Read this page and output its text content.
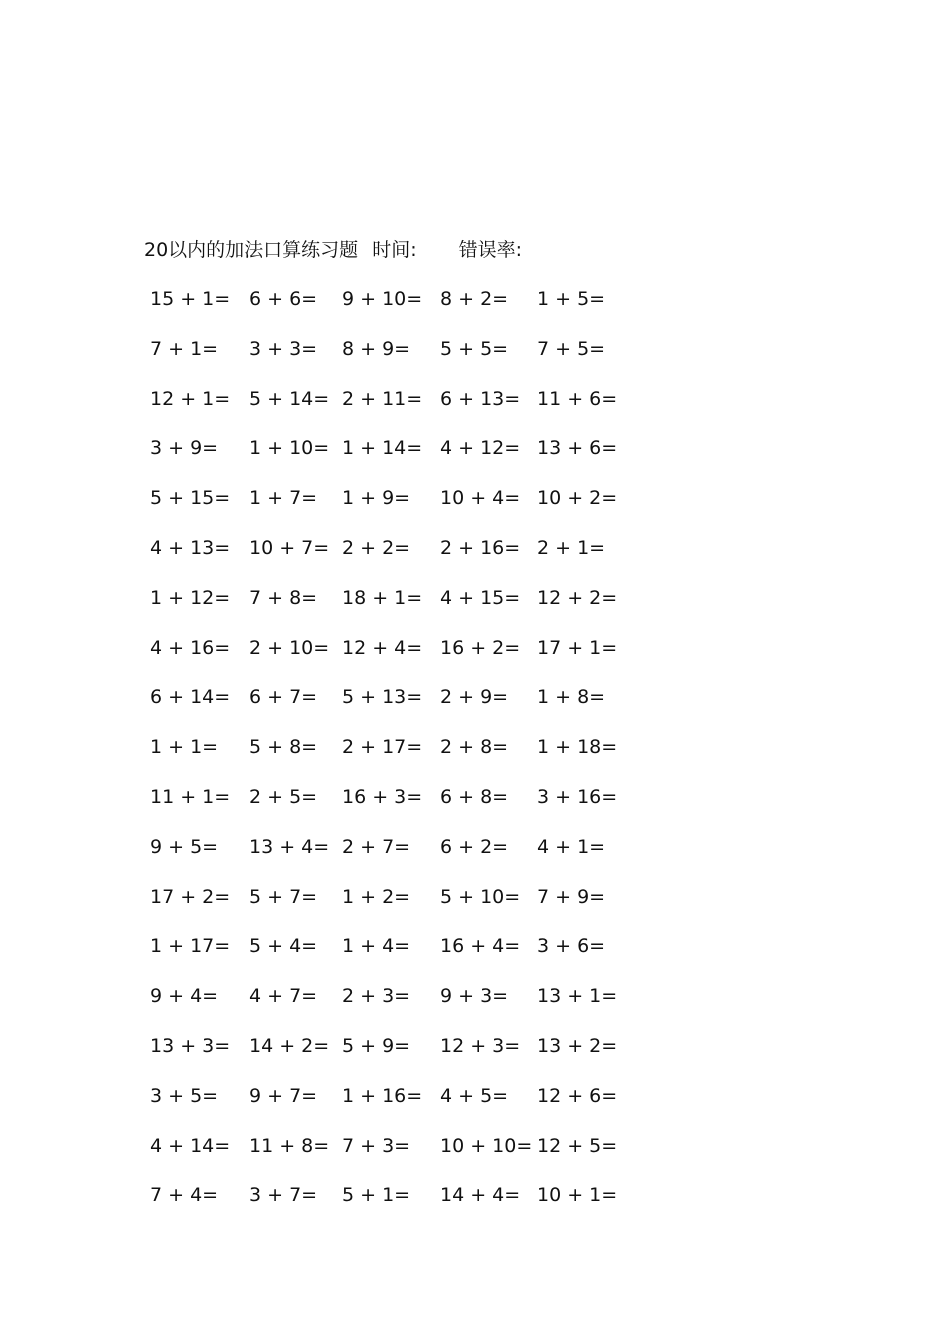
20以内的加法口算练习题 时间: 错误率:
15 + 1= 6 + 6= 9 + 10= 8 + 2= 1 + 5=
7 + 1= 3 + 3= 8 + 9= 5 + 5= 7 + 5=
12 + 1= 5 + 14= 2 + 11= 6 + 13= 11 + 6=
3 + 9= 1 + 10= 1 + 14= 4 + 12= 13 + 6=
5 + 15= 1 + 7= 1 + 9= 10 + 4= 10 + 2=
4 + 13= 10 + 7= 2 + 2= 2 + 16= 2 + 1=
1 + 12= 7 + 8= 18 + 1= 4 + 15= 12 + 2=
4 + 16= 2 + 10= 12 + 4= 16 + 2= 17 + 1=
6 + 14= 6 + 7= 5 + 13= 2 + 9= 1 + 8=
1 + 1= 5 + 8= 2 + 17= 2 + 8= 1 + 18=
11 + 1= 2 + 5= 16 + 3= 6 + 8= 3 + 16=
9 + 5= 13 + 4= 2 + 7= 6 + 2= 4 + 1=
17 + 2= 5 + 7= 1 + 2= 5 + 10= 7 + 9=
1 + 17= 5 + 4= 1 + 4= 16 + 4= 3 + 6=
9 + 4= 4 + 7= 2 + 3= 9 + 3= 13 + 1=
13 + 3= 14 + 2= 5 + 9= 12 + 3= 13 + 2=
3 + 5= 9 + 7= 1 + 16= 4 + 5= 12 + 6=
4 + 14= 11 + 8= 7 + 3= 10 + 10= 12 + 5=
7 + 4= 3 + 7= 5 + 1= 14 + 4= 10 + 1=
